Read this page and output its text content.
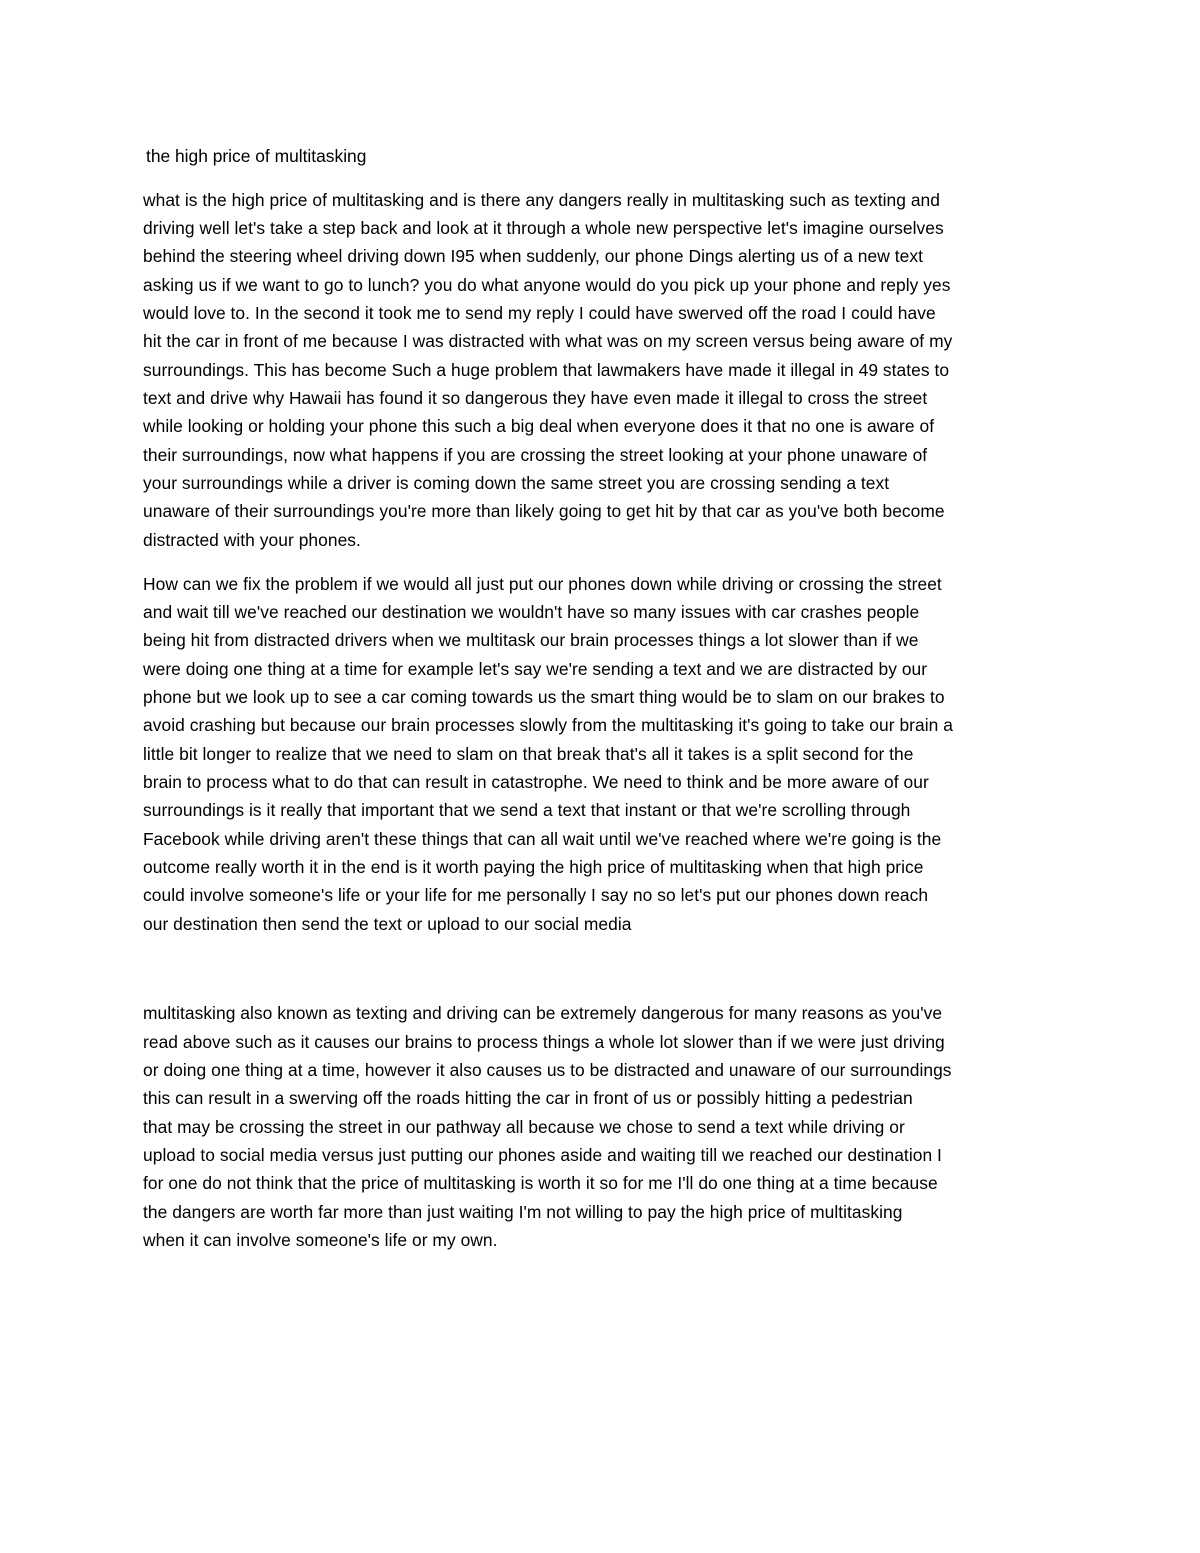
the high price of multitasking
what is the high price of multitasking and is there any dangers really in multitasking such as texting and
driving well let's take a step back and look at it through a whole new perspective let's imagine ourselves
behind the steering wheel driving down I95 when suddenly, our phone Dings alerting us of a new text
asking us if we want to go to lunch? you do what anyone would do you pick up your phone and reply yes
would love to. In the second it took me to send my reply I could have swerved off the road I could have
hit the car in front of me because I was distracted with what was on my screen versus being aware of my
surroundings. This has become Such a huge problem that lawmakers have made it illegal in 49 states to
text and drive why Hawaii has found it so dangerous they have even made it illegal to cross the street
while looking or holding your phone this such a big deal when everyone does it that no one is aware of
their surroundings, now what happens if you are crossing the street looking at your phone unaware of
your surroundings while a driver is coming down the same street you are crossing sending a text
unaware of their surroundings you're more than likely going to get hit by that car as you've both become
distracted with your phones.
How can we fix the problem if we would all just put our phones down while driving or crossing the street
and wait till we've reached our destination we wouldn't have so many issues with car crashes people
being hit from distracted drivers when we multitask our brain processes things a lot slower than if we
were doing one thing at a time for example let's say we're sending a text and we are distracted by our
phone but we look up to see a car coming towards us the smart thing would be to slam on our brakes to
avoid crashing but because our brain processes slowly from the multitasking it's going to take our brain a
little bit longer to realize that we need to slam on that break that's all it takes is a split second for the
brain to process what to do that can result in catastrophe. We need to think and be more aware of our
surroundings is it really that important that we send a text that instant or that we're scrolling through
Facebook while driving aren't these things that can all wait until we've reached where we're going is the
outcome really worth it in the end is it worth paying the high price of multitasking when that high price
could involve someone's life or your life for me personally I say no so let's put our phones down reach
our destination then send the text or upload to our social media
multitasking also known as texting and driving can be extremely dangerous for many reasons as you've
read above such as it causes our brains to process things a whole lot slower than if we were just driving
or doing one thing at a time, however it also causes us to be distracted and unaware of our surroundings
this can result in a swerving off the roads hitting the car in front of us or possibly hitting a pedestrian
that may be crossing the street in our pathway all because we chose to send a text while driving or
upload to social media versus just putting our phones aside and waiting till we reached our destination I
for one do not think that the price of multitasking is worth it so for me I'll do one thing at a time because
the dangers are worth far more than just waiting I'm not willing to pay the high price of multitasking
when it can involve someone's life or my own.
